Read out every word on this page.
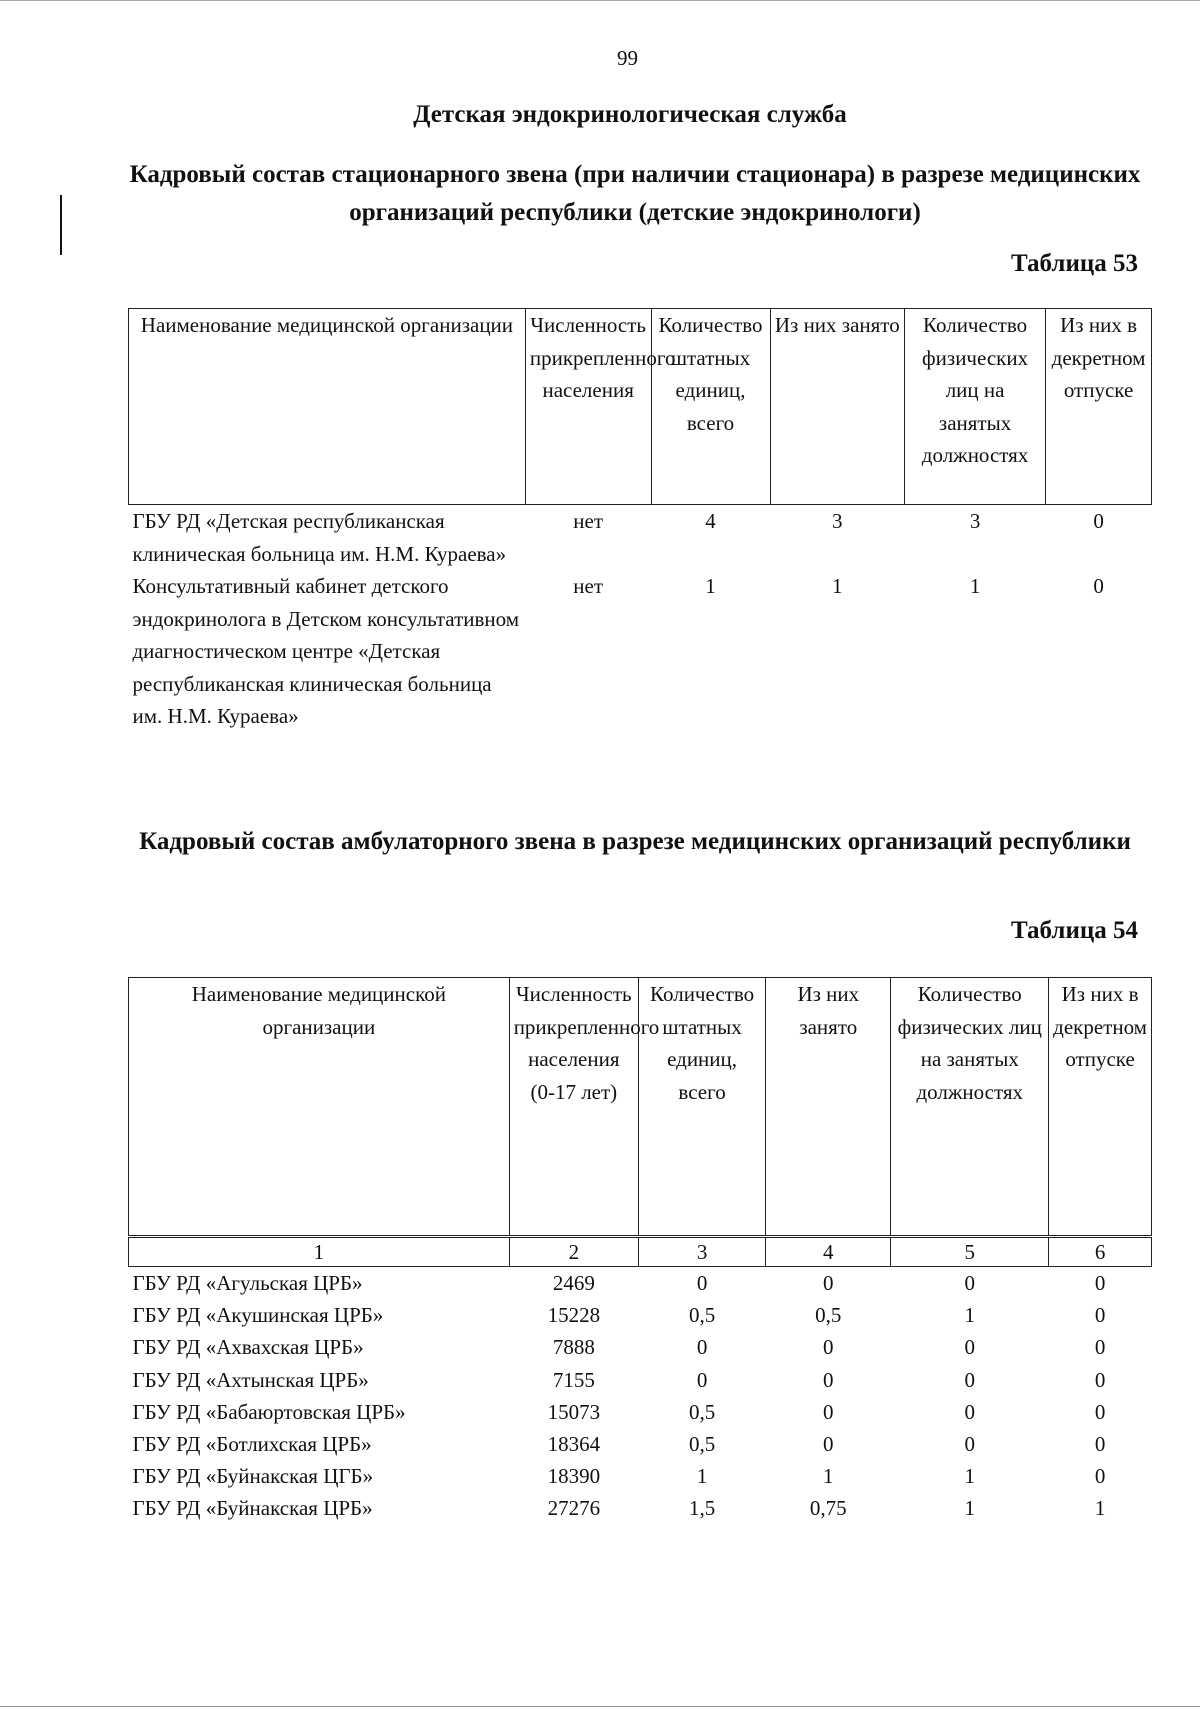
99
Детская эндокринологическая служба
Кадровый состав стационарного звена (при наличии стационара) в разрезе медицинских организаций республики (детские эндокринологи)
Таблица 53
Наименование медицинской организации	Численность прикрепленного населения	Количество штатных единиц, всего	Из них занято	Количество физических лиц на занятых должностях	Из них в декретном отпуске
ГБУ РД «Детская республиканская клиническая больница им. Н.М. Кураева»	нет	4	3	3	0
Консультативный кабинет детского эндокринолога в Детском консультативном диагностическом центре «Детская республиканская клиническая больница им. Н.М. Кураева»	нет	1	1	1	0
Кадровый состав амбулаторного звена в разрезе медицинских организаций республики
Таблица 54
Наименование медицинской организации	Численность прикрепленного населения (0-17 лет)	Количество штатных единиц, всего	Из них занято	Количество физических лиц на занятых должностях	Из них в декретном отпуске
1	2	3	4	5	6
ГБУ РД «Агульская ЦРБ»	2469	0	0	0	0
ГБУ РД «Акушинская ЦРБ»	15228	0,5	0,5	1	0
ГБУ РД «Ахвахская ЦРБ»	7888	0	0	0	0
ГБУ РД «Ахтынская ЦРБ»	7155	0	0	0	0
ГБУ РД «Бабаюртовская ЦРБ»	15073	0,5	0	0	0
ГБУ РД «Ботлихская ЦРБ»	18364	0,5	0	0	0
ГБУ РД «Буйнакская ЦГБ»	18390	1	1	1	0
ГБУ РД «Буйнакская ЦРБ»	27276	1,5	0,75	1	1
